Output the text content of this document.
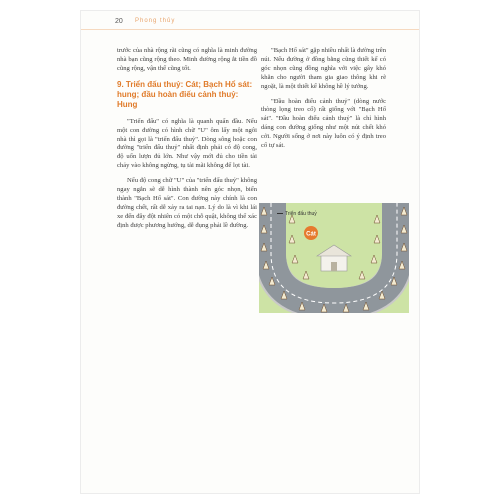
20 Phong thủy

trước của nhà rộng rãi cũng có nghĩa là minh đường nhà bạn cũng rộng theo. Minh đường rộng ắt tiền đồ cũng rộng, vận thế cũng tốt.

9. Triển đấu thuỷ: Cát; Bạch Hổ sát: hung; đầu hoàn điếu cảnh thuỷ: Hung

"Triển đấu" có nghĩa là quanh quẩn đầu. Nếu một con đường có hình chữ "U" ôm lấy một ngôi nhà thì gọi là "triển đấu thuỷ". Dòng sông hoặc con đường "triển đấu thuỷ" nhất định phải có độ cong, độ uốn lượn đủ lớn. Như vậy mới đủ cho tiền tài chảy vào không ngừng, tụ tài mãi không để lọt tài.

Nếu độ cong chữ "U" của "triển đấu thuỷ" không ngay ngắn sẽ dễ hình thành nên góc nhọn, biến thành "Bạch Hổ sát". Con đường này chính là con đường chết, rất dễ xảy ra tai nạn. Lý do là vì khi lái xe đến đây đột nhiên có một chỗ quật, không thể xác định được phương hướng, dễ đụng phải lề đường.

"Bạch Hổ sát" gặp nhiều nhất là đường trên núi. Nếu đường ở đồng bằng cũng thiết kế có góc nhọn cũng đồng nghĩa với việc gây khó khăn cho người tham gia giao thông khi rẽ ngoặt, là một thiết kế không hề lý tưởng.

"Đầu hoàn điếu cảnh thuỷ" (dòng nước thòng lọng treo cổ) rất giống với "Bạch Hổ sát". "Đầu hoàn điếu cảnh thuỷ" là chỉ hình dáng con đường giống như một nút chết khó cởi. Người sống ở nơi này luôn có ý định treo cổ tự sát.

Cát
Triển đấu thuỷ
